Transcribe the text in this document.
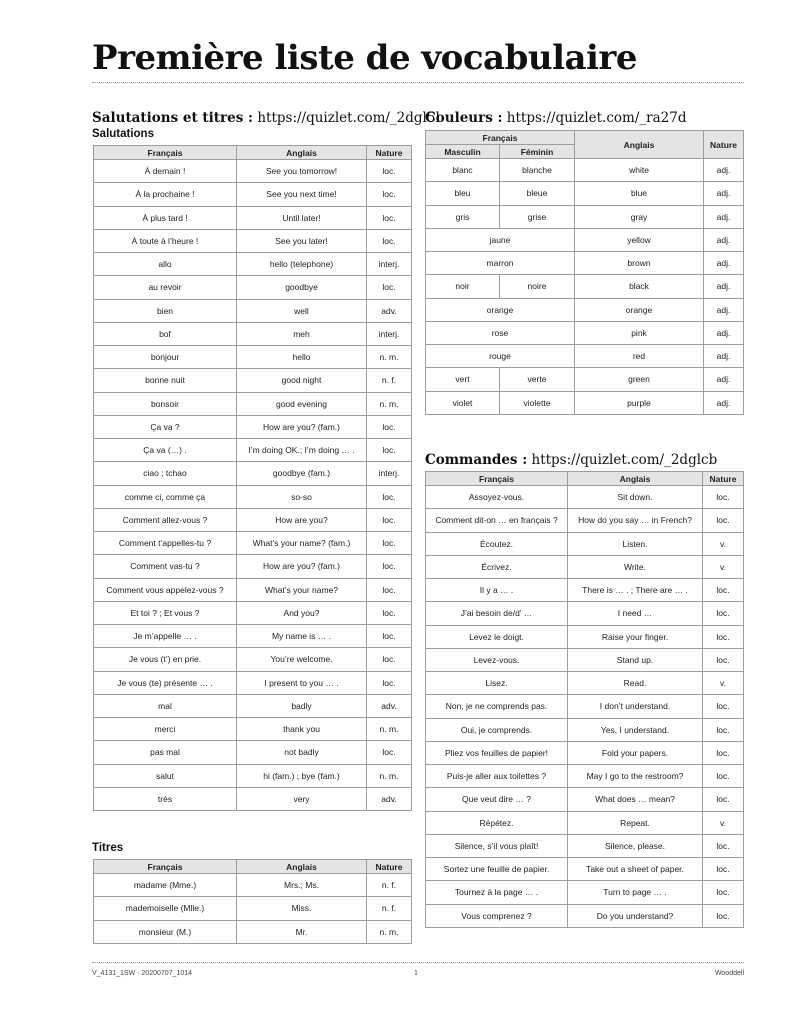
Première liste de vocabulaire
Salutations et titres : https://quizlet.com/_2dgl5l
Salutations
Français	Anglais	Nature
À demain !	See you tomorrow!	loc.
À la prochaine !	See you next time!	loc.
À plus tard !	Until later!	loc.
À toute à l’heure !	See you later!	loc.
allo	hello (telephone)	interj.
au revoir	goodbye	loc.
bien	well	adv.
bof	meh	interj.
bonjour	hello	n. m.
bonne nuit	good night	n. f.
bonsoir	good evening	n. m.
Ça va ?	How are you? (fam.)	loc.
Ça va (…) .	I’m doing OK.; I’m doing … .	loc.
ciao ; tchao	goodbye (fam.)	interj.
comme ci, comme ça	so-so	loc.
Comment allez-vous ?	How are you?	loc.
Comment t’appelles-tu ?	What’s your name? (fam.)	loc.
Comment vas-tu ?	How are you? (fam.)	loc.
Comment vous appelez-vous ?	What’s your name?	loc.
Et toi ? ; Et vous ?	And you?	loc.
Je m’appelle … .	My name is … .	loc.
Je vous (t’) en prie.	You’re welcome.	loc.
Je vous (te) présente … .	I present to you … .	loc.
mal	badly	adv.
merci	thank you	n. m.
pas mal	not badly	loc.
salut	hi (fam.) ; bye (fam.)	n. m.
très	very	adv.
Titres
Français	Anglais	Nature
madame (Mme.)	Mrs.; Ms.	n. f.
mademoiselle (Mlle.)	Miss.	n. f.
monsieur (M.)	Mr.	n. m.
Couleurs : https://quizlet.com/_ra27d
Français		Anglais	Nature
Masculin	Féminin		
blanc	blanche	white	adj.
bleu	bleue	blue	adj.
gris	grise	gray	adj.
jaune		yellow	adj.
marron		brown	adj.
noir	noire	black	adj.
orange		orange	adj.
rose		pink	adj.
rouge		red	adj.
vert	verte	green	adj.
violet	violette	purple	adj.
Commandes : https://quizlet.com/_2dglcb
Français	Anglais	Nature
Assoyez-vous.	Sit down.	loc.
Comment dit-on … en français ?	How do you say … in French?	loc.
Écoutez.	Listen.	v.
Écrivez.	Write.	v.
Il y a … .	There is … . ; There are … .	loc.
J’ai besoin de/d’ …	I need …	loc.
Levez le doigt.	Raise your finger.	loc.
Levez-vous.	Stand up.	loc.
Lisez.	Read.	v.
Non, je ne comprends pas.	I don’t understand.	loc.
Oui, je comprends.	Yes, I understand.	loc.
Pliez vos feuilles de papier!	Fold your papers.	loc.
Puis-je aller aux toilettes ?	May I go to the restroom?	loc.
Que veut dire … ?	What does … mean?	loc.
Répétez.	Repeat.	v.
Silence, s’il vous plaît!	Silence, please.	loc.
Sortez une feuille de papier.	Take out a sheet of paper.	loc.
Tournez à la page … .	Turn to page … .	loc.
Vous comprenez ?	Do you understand?	loc.
V_4131_1SW · 20200707_1014	1	Wooddell
